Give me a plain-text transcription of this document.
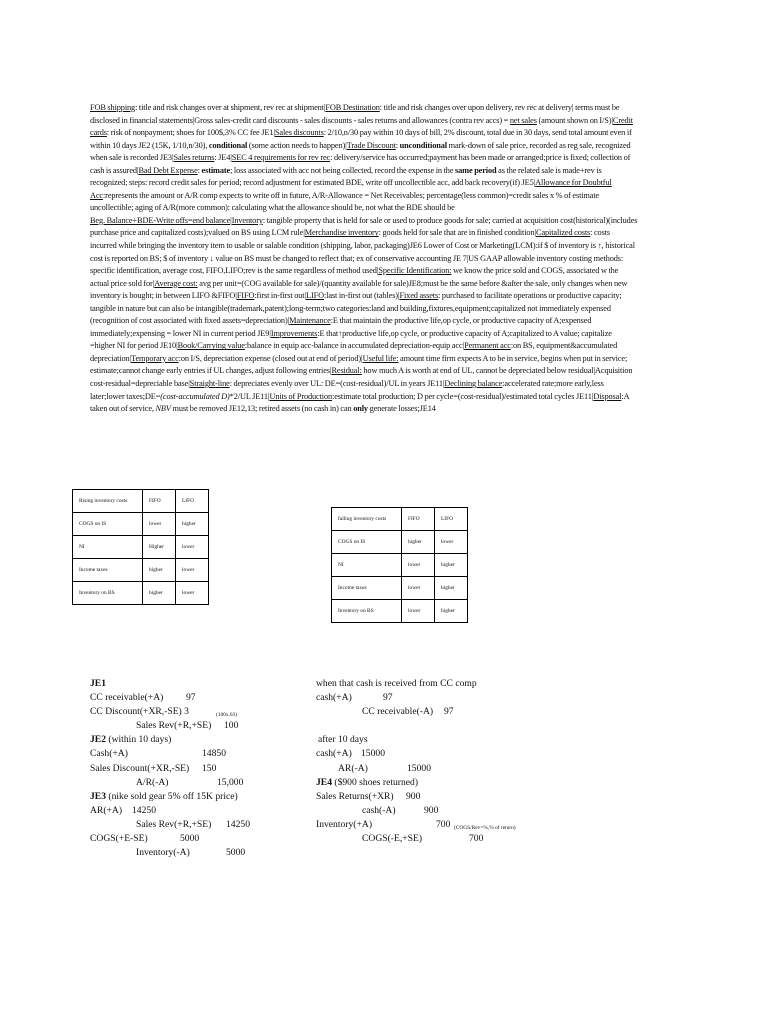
FOB shipping: title and risk changes over at shipment, rev rec at shipment|FOB Destination: title and risk changes over upon delivery, rev rec at delivery| terms must be disclosed in financial statements|Gross sales-credit card discounts - sales discounts - sales returns and allowances (contra rev accs) = net sales (amount shown on I/S)|Credit cards: risk of nonpayment; shoes for 100$,3% CC fee JE1|Sales discounts: 2/10,n/30 pay within 10 days of bill, 2% discount, total due in 30 days, send total amount even if within 10 days JE2 (15K, 1/10,n/30), conditional (some action needs to happen)|Trade Discount: unconditional mark-down of sale price, recorded as reg sale, recognized when sale is recorded JE3|Sales returns: JE4|SEC 4 requirements for rev rec: delivery/service has occurred;payment has been made or arranged;price is fixed; collection of cash is assured|Bad Debt Expense: estimate; loss associated with acc not being collected, record the expense in the same period as the related sale is made+rev is recognized; steps: record credit sales for period; record adjustment for estimated BDE, write off uncollectible acc, add back recovery(if) JE5|Allowance for Doubtful Acc:represents the amount or A/R comp expects to write off in future, A/R-Allowance = Net Receivables; percentage(less common)=credit sales x % of estimate uncollectible; aging of A/R(more common): calculating what the allowance should be, not what the BDE should be
Beg. Balance+BDE-Write offs=end balance|Inventory: tangible property that is held for sale or used to produce goods for sale; carried at acquisition cost(historical)(includes purchase price and capitalized costs);valued on BS using LCM rule|Merchandise inventory: goods held for sale that are in finished condition|Capitalized costs: costs incurred while bringing the inventory item to usable or salable condition (shipping, labor, packaging)JE6 Lower of Cost or Marketing(LCM):if $ of inventory is ↑, historical cost is reported on BS; $ of inventory ↓ value on BS must be changed to reflect that; ex of conservative accounting JE 7|US GAAP allowable inventory costing methods: specific identification, average cost, FIFO,LIFO;rev is the same regardless of method used|Specific Identification: we know the price sold and COGS, associated w the actual price sold for|Average cost: avg per unit=(COG available for sale)/(quantity available for sale)JE8;must be the same before &after the sale, only changes when new inventory is bought; in between LIFO &FIFO|FIFO:first in-first out|LIFO:last in-first out (tables)|Fixed assets: purchased to facilitate operations or productive capacity; tangible in nature but can also be intangible(trademark,patent);long-term;two categories:land and building,fixtures,equipment;capitalized not immediately expensed (recognition of cost associated with fixed assets=depreciation)|Maintenance:E that maintain the productive life,op cycle, or productive capacity of A;expensed immediately;expensing = lower NI in current period JE9|Improvements:E that↑productive life,op cycle, or productive capacity of A;capitalized to A value; capitalize =higher NI for period JE10|Book/Carrying value:balance in equip acc-balance in accumulated depreciation-equip acc|Permanent acc:on BS, equipment&accumulated depreciation|Temporary acc:on I/S, depreciation expense (closed out at end of period)|Useful life: amount time firm expects A to be in service, begins when put in service; estimate;cannot change early entries if UL changes, adjust following entries|Residual: how much A is worth at end of UL, cannot be depreciated below residual|Acquisition cost-residual=depreciable base|Straight-line: depreciates evenly over UL: DE=(cost-residual)/UL in years JE11|Declining balance:accelerated rate;more early,less later;lower taxes;DE=(cost-accumulated D)*2/UL JE11|Units of Production:estimate total production; D per cycle=(cost-residual)/estimated total cycles JE11|Disposal:A taken out of service, NBV must be removed JE12,13; retired assets (no cash in) can only generate losses;JE14
Rising inventory costs	FIFO	LIFO
COGS on IS	lower	higher
NI	Higher	lower
Income taxes	higher	lower
Inventory on BS	higher	lower
falling inventory costs	FIFO	LIFO
COGS on IS	higher	lower
NI	lower	higher
Income taxes	lower	higher
Inventory on BS	lower	higher
JE1
CC receivable(+A) 97
CC Discount(+XR,-SE) 3	(100x.03)
Sales Rev(+R,+SE) 100
JE2 (within 10 days)
Cash(+A)	14850
Sales Discount(+XR,-SE) 150
A/R(-A)	15,000
JE3 (nike sold gear 5% off 15K price)
AR(+A) 14250
Sales Rev(+R,+SE) 14250
COGS(+E-SE)	5000
Inventory(-A)	5000
when that cash is received from CC comp
cash(+A)	97
CC receivable(-A) 97
after 10 days
cash(+A) 15000
AR(-A)	15000
JE4 ($900 shoes returned)
Sales Returns(+XR) 900
cash(-A)	900
Inventory(+A)	700 (COGS/Rev=%,% of return)
COGS(-E,+SE)	700
